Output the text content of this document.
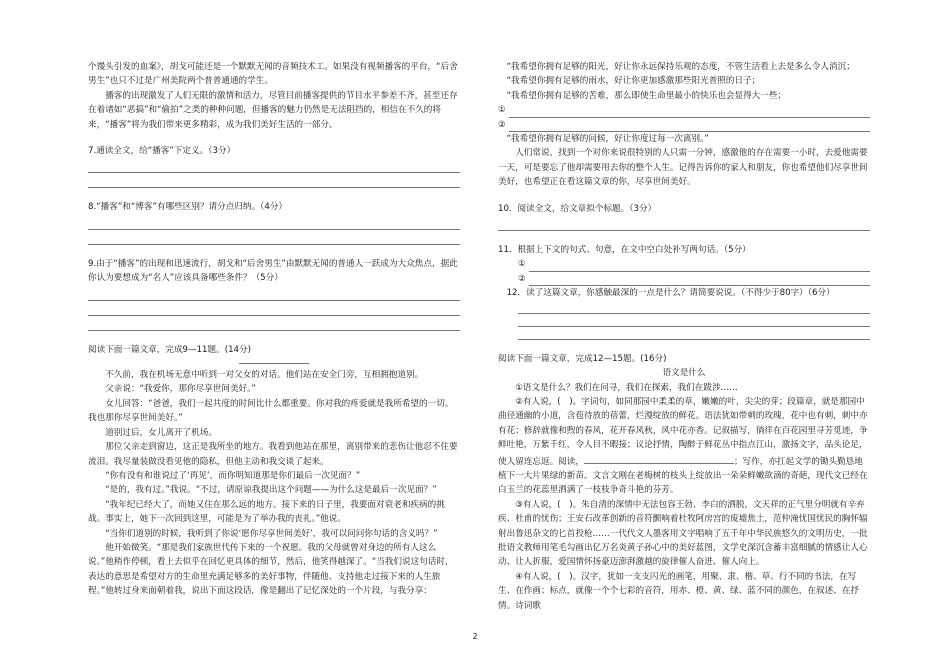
个馒头引发的血案》，胡戈可能还是一个默默无闻的音频技术工。如果没有视频播客的平台，“后舍男生”也只不过是广州美院两个普普通通的学生。

播客的出现激发了人们无限的激情和活力，尽管目前播客提供的节目水平参差不齐，甚至还存在着诸如“恶搞”和“偷拍”之类的种种问题，但播客的魅力仍然是无法阻挡的，相信在不久的将来，“播客”将为我们带来更多精彩，成为我们美好生活的一部分。

7.通读全文，给“播客”下定义。（3分）

8.“播客”和“博客”有哪些区别？请分点归纳。（4分）

9.由于“播客”的出现和迅速流行，胡戈和“后舍男生”由默默无闻的普通人一跃成为大众焦点，据此你认为要想成为“名人”应该具备哪些条件？（5分）

阅读下面一篇文章，完成9—11题。(14分)

不久前，我在机场无意中听到一对父女的对话。他们站在安全门旁，互相拥抱道别。

父亲说：“我爱你，那你尽享世间美好。”

女儿回答：“爸爸，我们一起共度的时间比什么都重要。你对我的疼爱就是我所希望的一切。我也那你尽享世间美好。”

道别过后，女儿离开了机场。

那位父亲走到窗边，这正是我所坐的地方。我看到他站在那里，离别带来的悲伤让他忍不住要流泪。我尽量装做没看见他的隐私，但他主动和我交谈了起来。

“你有没有和谁说过了‘再见’，而你明知道那是你们最后一次见面？”

“是的，我有过。”我说。“不过，请原谅我提出这个问题——为什么这是最后一次见面？”

“我年纪已经大了，而她又住在那么远的地方。接下来的日子里，我要面对衰老和疾病的挑战。事实上，她下一次回到这里，可能是为了举办我的丧礼。”他说。

“当你们道别的时候，我听到了你说‘愿你尽享世间美好’，我可以问问你句话的含义吗？”

他开始微笑。“那是我们家族世代传下来的一个祝愿。我的父母就曾对身边的所有人这么说。”他稍作停顿，看上去似乎在回忆更具体的细节，然后，他笑得越深了。“当我们说这句话时，表达的意思是希望对方的生命里充满足够多的美好事物，伴随他、支持他走过接下来的人生旅程。”他转过身来面朝着我，说出下面这段话，像是翻出了记忆深处的一个片段，与我分享：

“我希望你拥有足够的阳光，好让你永远保持乐观的态度，不管生活看上去是多么令人消沉；

“我希望你拥有足够的雨水，好让你更加感激那些阳光普照的日子；

“我希望你拥有足够的苦难，那么即使生命里最小的快乐也会显得大一些；

①
②

“我希望你拥有足够的问候，好让你度过每一次离别。”

人们常说，找到一个对你来说很特别的人只需一分钟，感激他的存在需要一小时，去爱他需要一天，可是要忘了他却需要用去你的整个人生。记得告诉你的家人和朋友，你也希望他们尽享世间美好，也希望正在看这篇文章的你，尽享世间美好。

10．阅读全文，给文章拟个标题。（3分）

11．根据上下文的句式、句意，在文中空白处补写两句话。（5分）

①
②

12．读了这篇文章，你感触最深的一点是什么？请简要说说。（不得少于80字）（6分）

阅读下面一篇文章，完成12—15题。(16分)

语文是什么

①语文是什么？我们在问寻，我们在探索，我们在跋涉……

②有人说，(　)。字词句，如同那园中柔柔的草，嫩嫩的叶，尖尖的芽；段篇章，就是那园中曲径通幽的小道，含苞待放的蓓蕾，烂漫绽放的鲜花。语法犹如带刺的玫瑰，花中也有刺，刺中亦有花；修辞就像和煦的春风，花开春风秋，风中花亦香。记叙描写，徜徉在百花园里寻芳觅迹，争鲜吐艳，万紫千红，令人目不暇接；议论抒情，陶醉于鲜花丛中指点江山，激扬文字，品头论足，使人留连忘返。阅读，	；写作，亦扛起文学的锄头勤恳地植下一大片果绿的新苗。文言文刚在老梅树的枝头上绽放出一朵朵鲜嫩欲滴的奇葩，现代文已经在白玉兰的花蕊里洒满了一枝枝争奇斗艳的芬芳。

③有人说，(　)。朱自清的深情中无法包容王勃、李白的洒脱，文天祥的正气里分明就有辛弃疾、杜甫的忧伤；王安石改革创新的音符颤响着杜牧阿房宫的废墟焦土，范仲淹忧国忧民的胸怀辐射出鲁迅杂文的匕首投枪……一代代文人墨客用文字唱响了五千年中华民族悠久的文明历史，一批批语文教师用笔毛勾画出亿万名炎黄子孙心中的美好蓝图，文学史深沉含蓄丰富细腻的情感让人心动、让人折服，爱国情怀扬豪迈澎湃激越的旋律催人奋进、催人向上。

④有人说，(　)。汉字，犹如一支支闪光的画笔，用聚、隶、楷、草、行不同的书法，在写生、在作画；标点，就像一个个七彩的音符，用赤、橙、黄、绿、蓝不同的颜色，在叙述、在抒情。诗词歌

2
